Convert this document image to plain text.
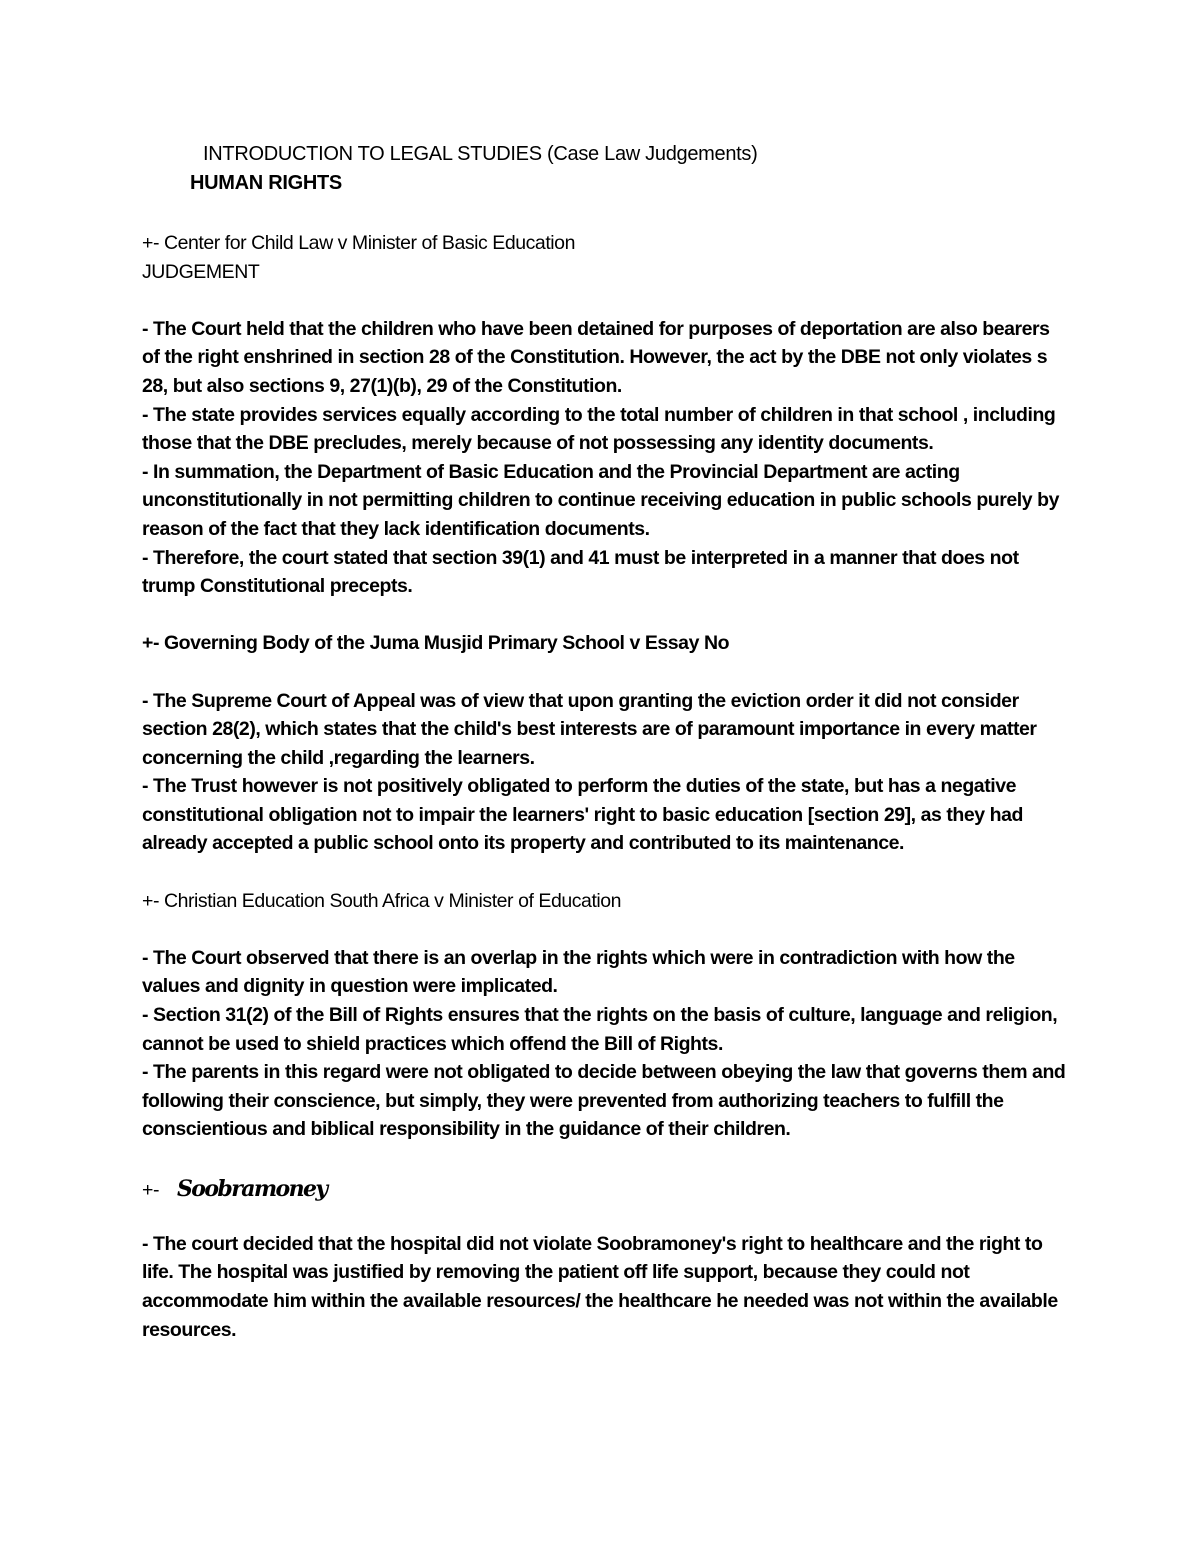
INTRODUCTION TO LEGAL STUDIES (Case Law Judgements)
HUMAN RIGHTS

+- Center for Child Law v Minister of Basic Education

JUDGEMENT

- The Court held that the children who have been detained for purposes of deportation are also bearers of the right enshrined in section 28 of the Constitution. However, the act by the DBE not only violates s 28, but also sections 9, 27(1)(b), 29 of the Constitution.

- The state provides services equally according to the total number of children in that school , including those that the DBE precludes, merely because of not possessing any identity documents.

- In summation, the Department of Basic Education and the Provincial Department are acting unconstitutionally in not permitting children to continue receiving education in public schools purely by reason of the fact that they lack identification documents.

- Therefore, the court stated that section 39(1) and 41 must be interpreted in a manner that does not trump Constitutional precepts.

+- Governing Body of the Juma Musjid Primary School v Essay No

- The Supreme Court of Appeal was of view that upon granting the eviction order it did not consider section 28(2), which states that the child's best interests are of paramount importance in every matter concerning the child ,regarding the learners.

- The Trust however is not positively obligated to perform the duties of the state, but has a negative constitutional obligation not to impair the learners' right to basic education [section 29], as they had already accepted a public school onto its property and contributed to its maintenance.

+- Christian Education South Africa v Minister of Education

- The Court observed that there is an overlap in the rights which were in contradiction with how the values and dignity in question were implicated.

- Section 31(2) of the Bill of Rights ensures that the rights on the basis of culture, language and religion, cannot be used to shield practices which offend the Bill of Rights.

- The parents in this regard were not obligated to decide between obeying the law that governs them and following their conscience, but simply, they were prevented from authorizing teachers to fulfill the conscientious and biblical responsibility in the guidance of their children.

+- Soobramoney

- The court decided that the hospital did not violate Soobramoney's right to healthcare and the right to life. The hospital was justified by removing the patient off life support, because they could not accommodate him within the available resources/ the healthcare he needed was not within the available resources.
